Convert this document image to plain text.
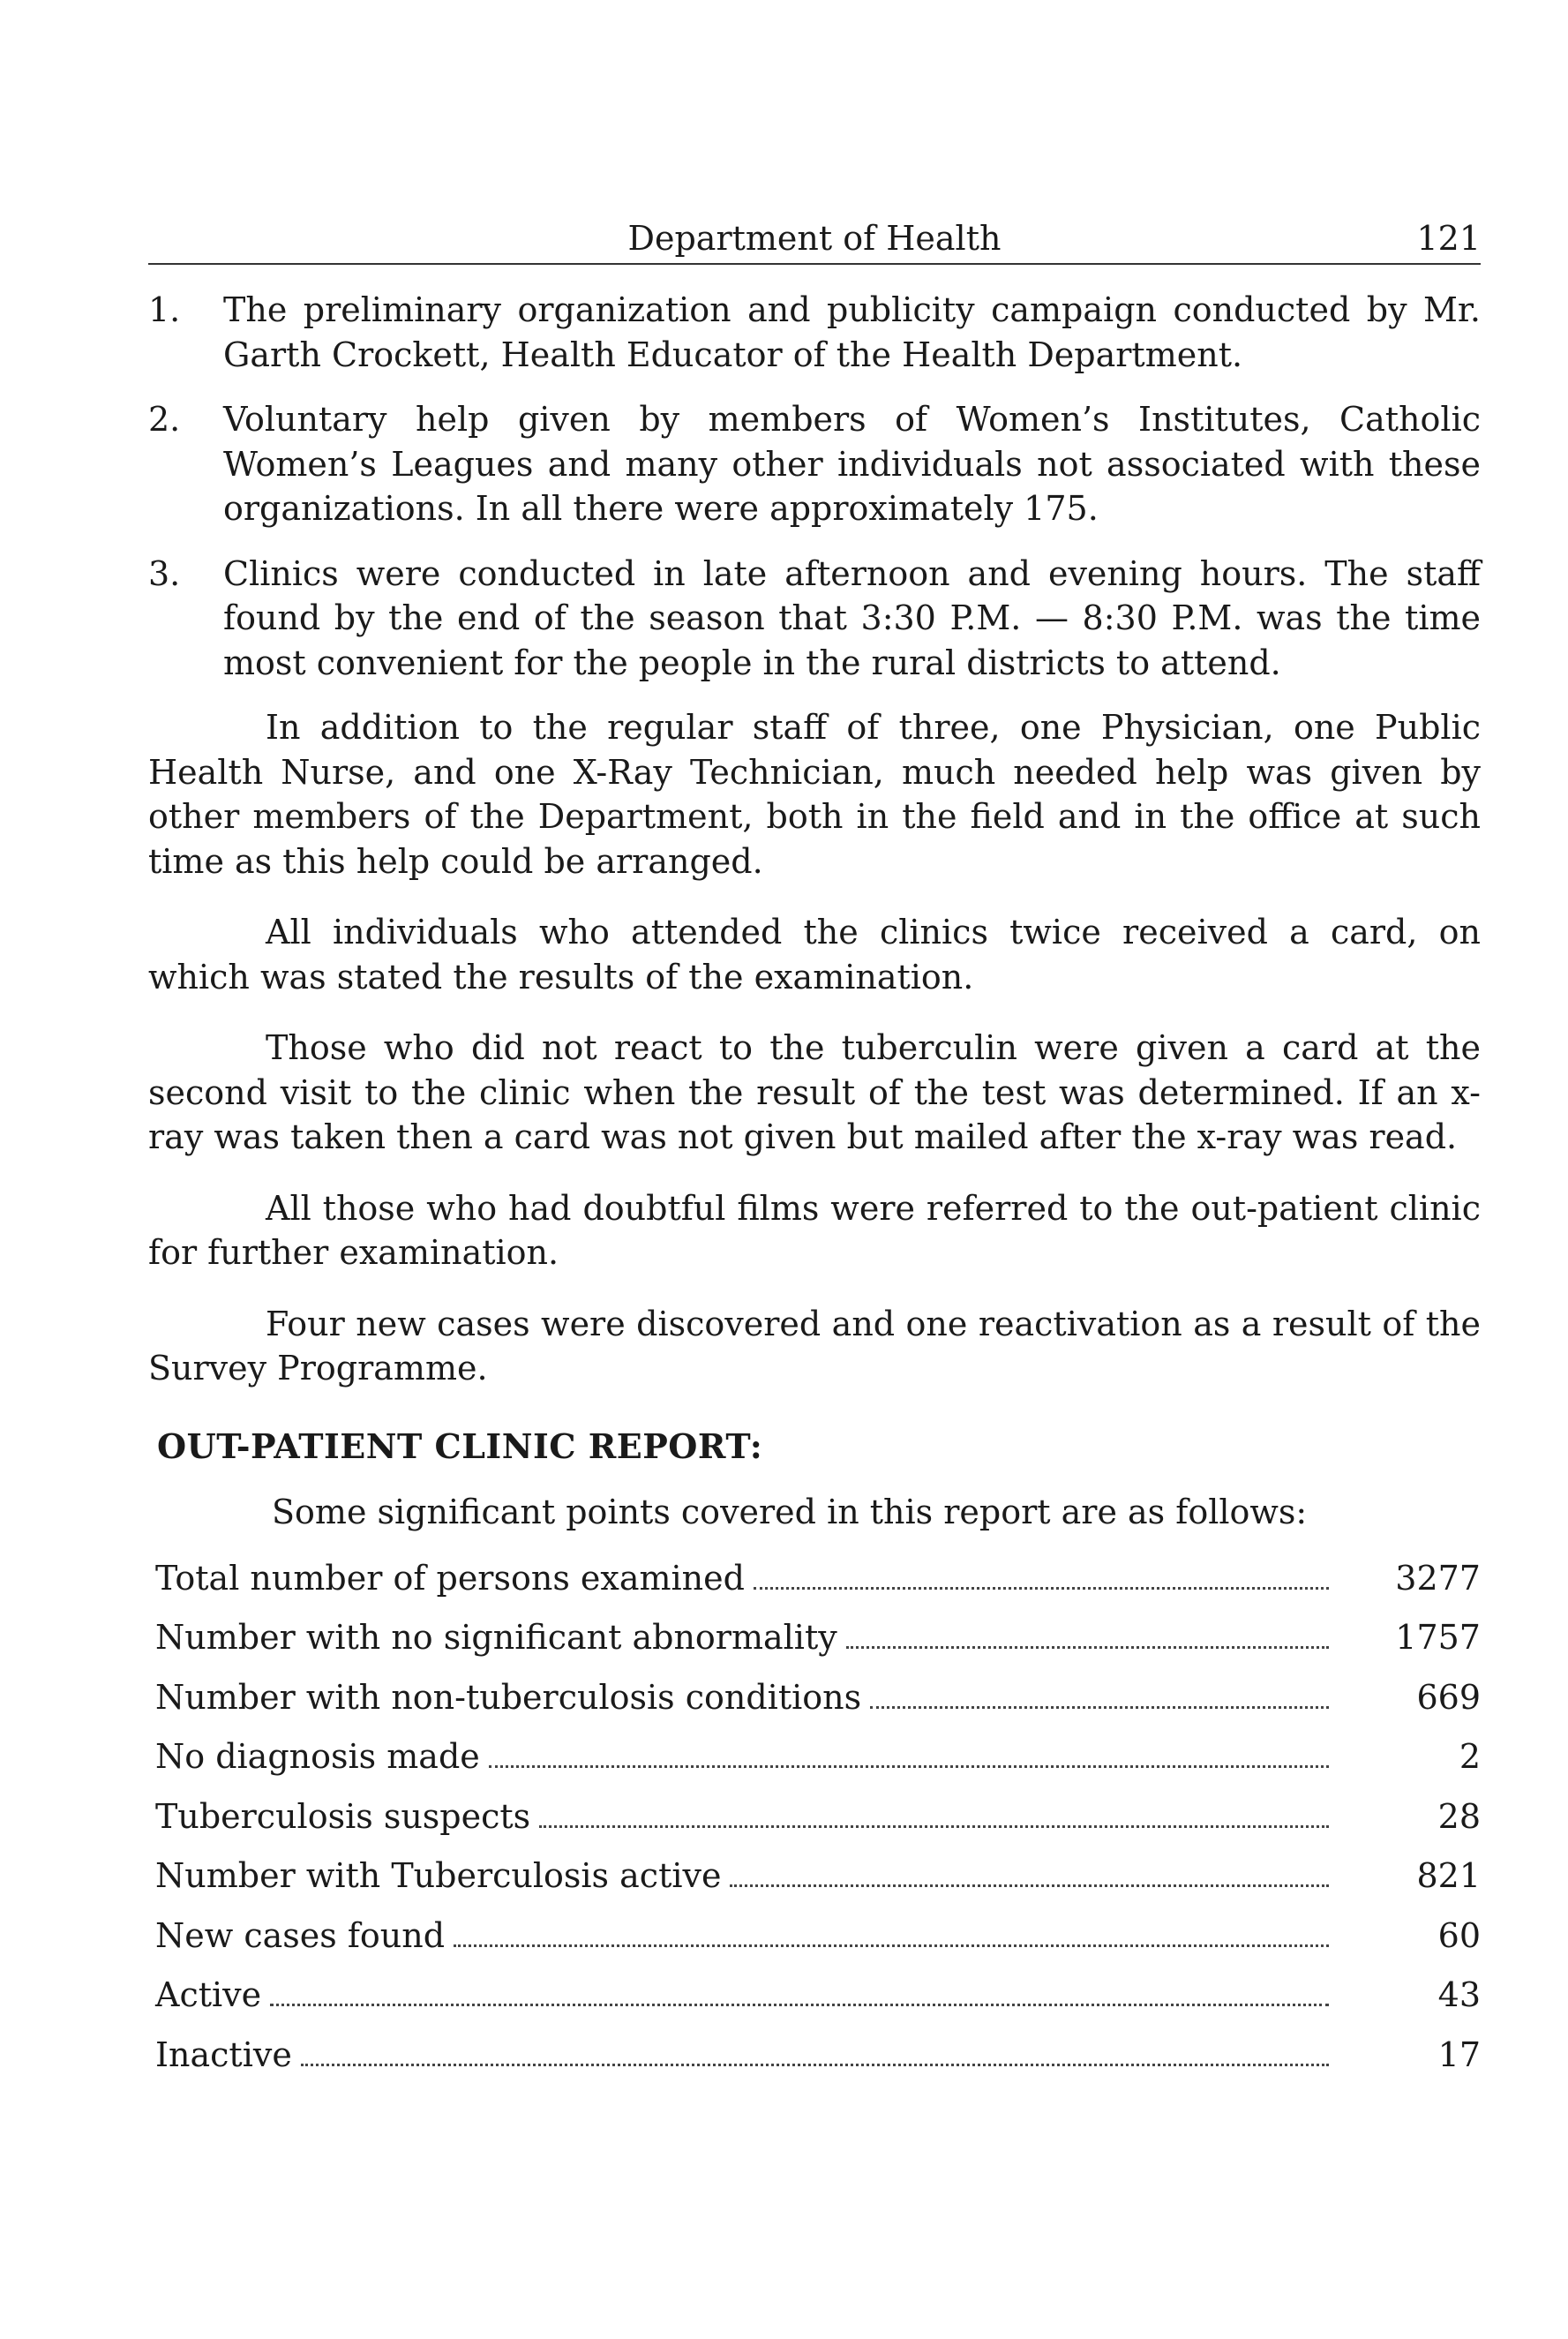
Department of Health	121
1. The preliminary organization and publicity campaign conducted by Mr. Garth Crockett, Health Educator of the Health Department.
2. Voluntary help given by members of Women’s Institutes, Catholic Women’s Leagues and many other individuals not associated with these organizations. In all there were approximately 175.
3. Clinics were conducted in late afternoon and evening hours. The staff found by the end of the season that 3:30 P.M. — 8:30 P.M. was the time most convenient for the people in the rural districts to attend.

In addition to the regular staff of three, one Physician, one Public Health Nurse, and one X-Ray Technician, much needed help was given by other members of the Department, both in the field and in the office at such time as this help could be arranged.

All individuals who attended the clinics twice received a card, on which was stated the results of the examination.

Those who did not react to the tuberculin were given a card at the second visit to the clinic when the result of the test was determined. If an x-ray was taken then a card was not given but mailed after the x-ray was read.

All those who had doubtful films were referred to the out-patient clinic for further examination.

Four new cases were discovered and one reactivation as a result of the Survey Programme.

OUT-PATIENT CLINIC REPORT:

Some significant points covered in this report are as follows:

Total number of persons examined	3277
Number with no significant abnormality	1757
Number with non-tuberculosis conditions	669
No diagnosis made	2
Tuberculosis suspects	28
Number with Tuberculosis active	821
New cases found	60
Active	43
Inactive	17
